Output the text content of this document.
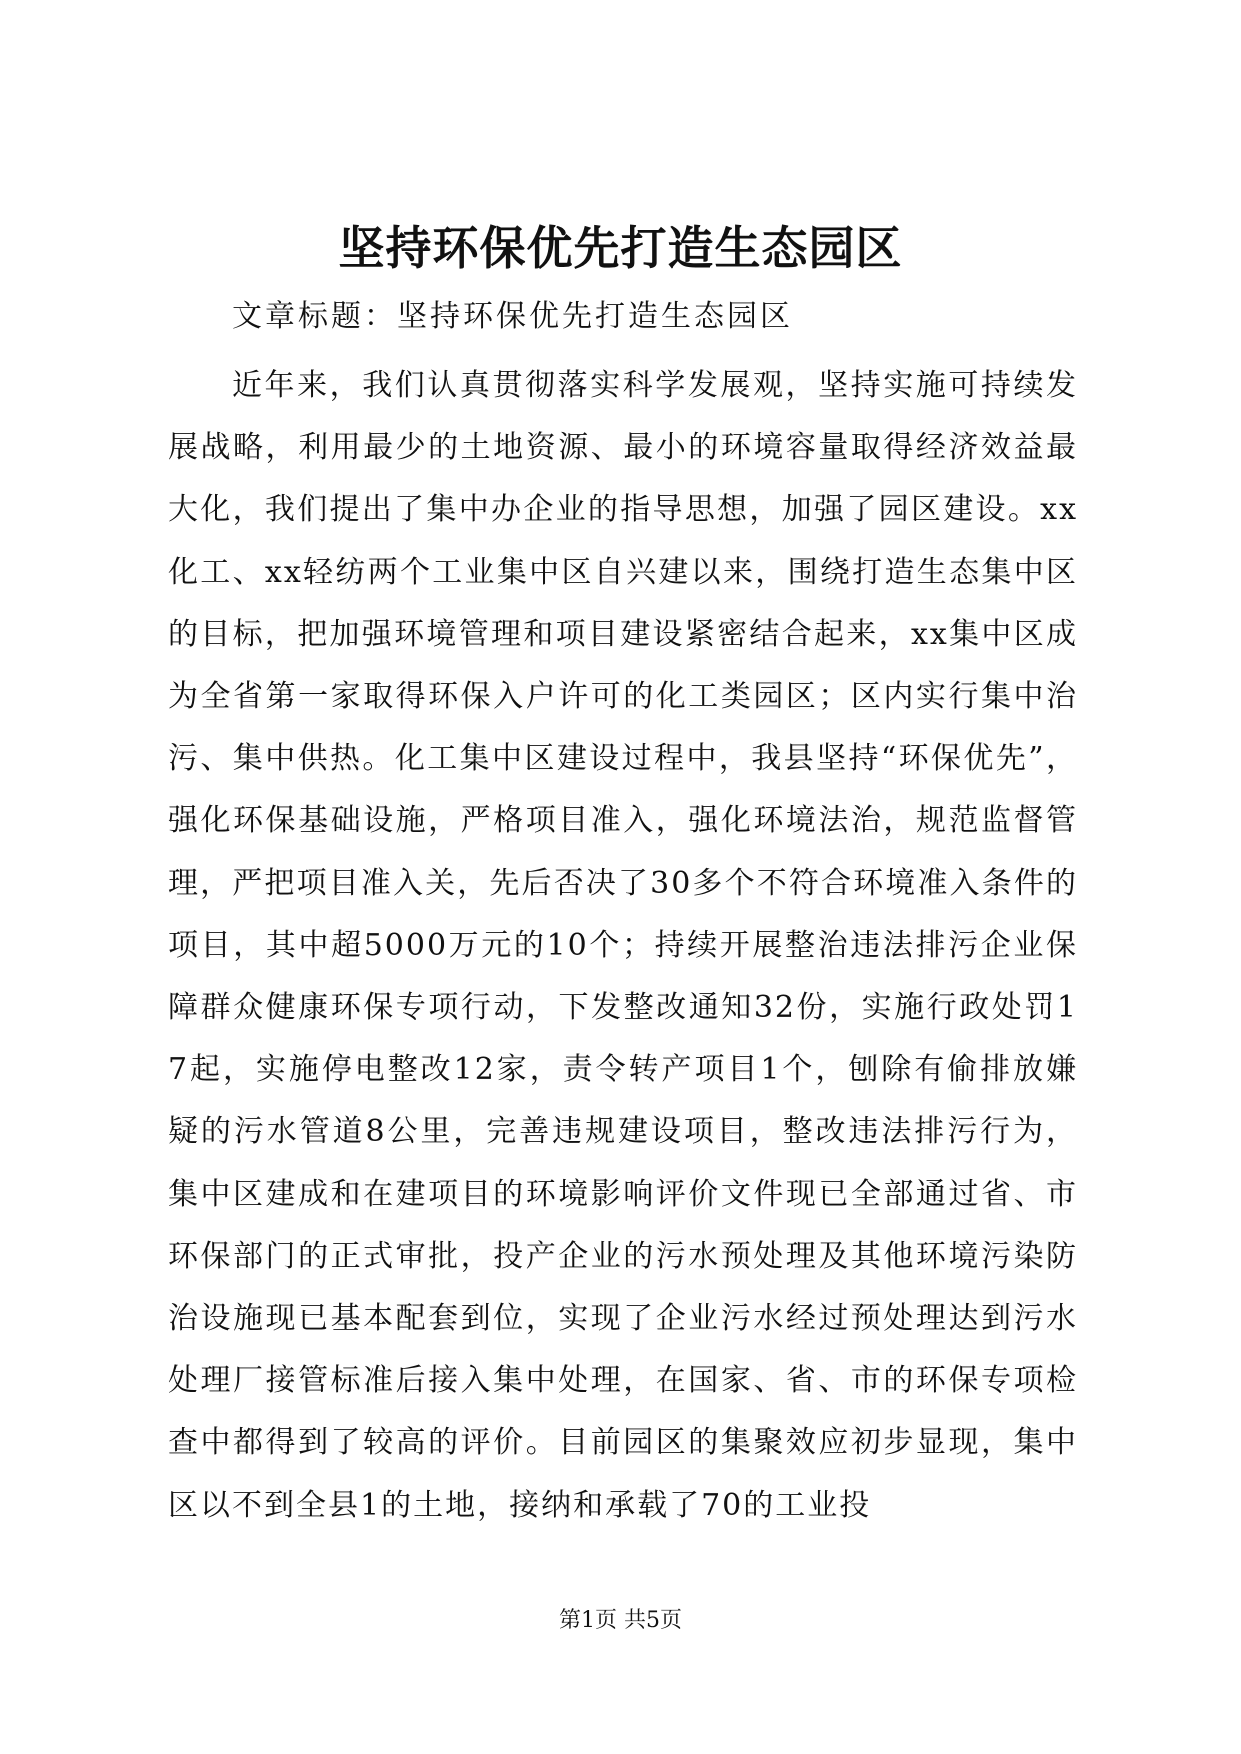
坚持环保优先打造生态园区
文章标题：坚持环保优先打造生态园区

近年来，我们认真贯彻落实科学发展观，坚持实施可持续发展战略，利用最少的土地资源、最小的环境容量取得经济效益最大化，我们提出了集中办企业的指导思想，加强了园区建设。xx化工、xx轻纺两个工业集中区自兴建以来，围绕打造生态集中区的目标，把加强环境管理和项目建设紧密结合起来，xx集中区成为全省第一家取得环保入户许可的化工类园区；区内实行集中治污、集中供热。化工集中区建设过程中，我县坚持“环保优先”，强化环保基础设施，严格项目准入，强化环境法治，规范监督管理，严把项目准入关，先后否决了30多个不符合环境准入条件的项目，其中超5000万元的10个；持续开展整治违法排污企业保障群众健康环保专项行动，下发整改通知32份，实施行政处罚17起，实施停电整改12家，责令转产项目1个，刨除有偷排放嫌疑的污水管道8公里，完善违规建设项目，整改违法排污行为，集中区建成和在建项目的环境影响评价文件现已全部通过省、市环保部门的正式审批，投产企业的污水预处理及其他环境污染防治设施现已基本配套到位，实现了企业污水经过预处理达到污水处理厂接管标准后接入集中处理，在国家、省、市的环保专项检查中都得到了较高的评价。目前园区的集聚效应初步显现，集中区以不到全县1的土地，接纳和承载了70的工业投

第1页 共5页
